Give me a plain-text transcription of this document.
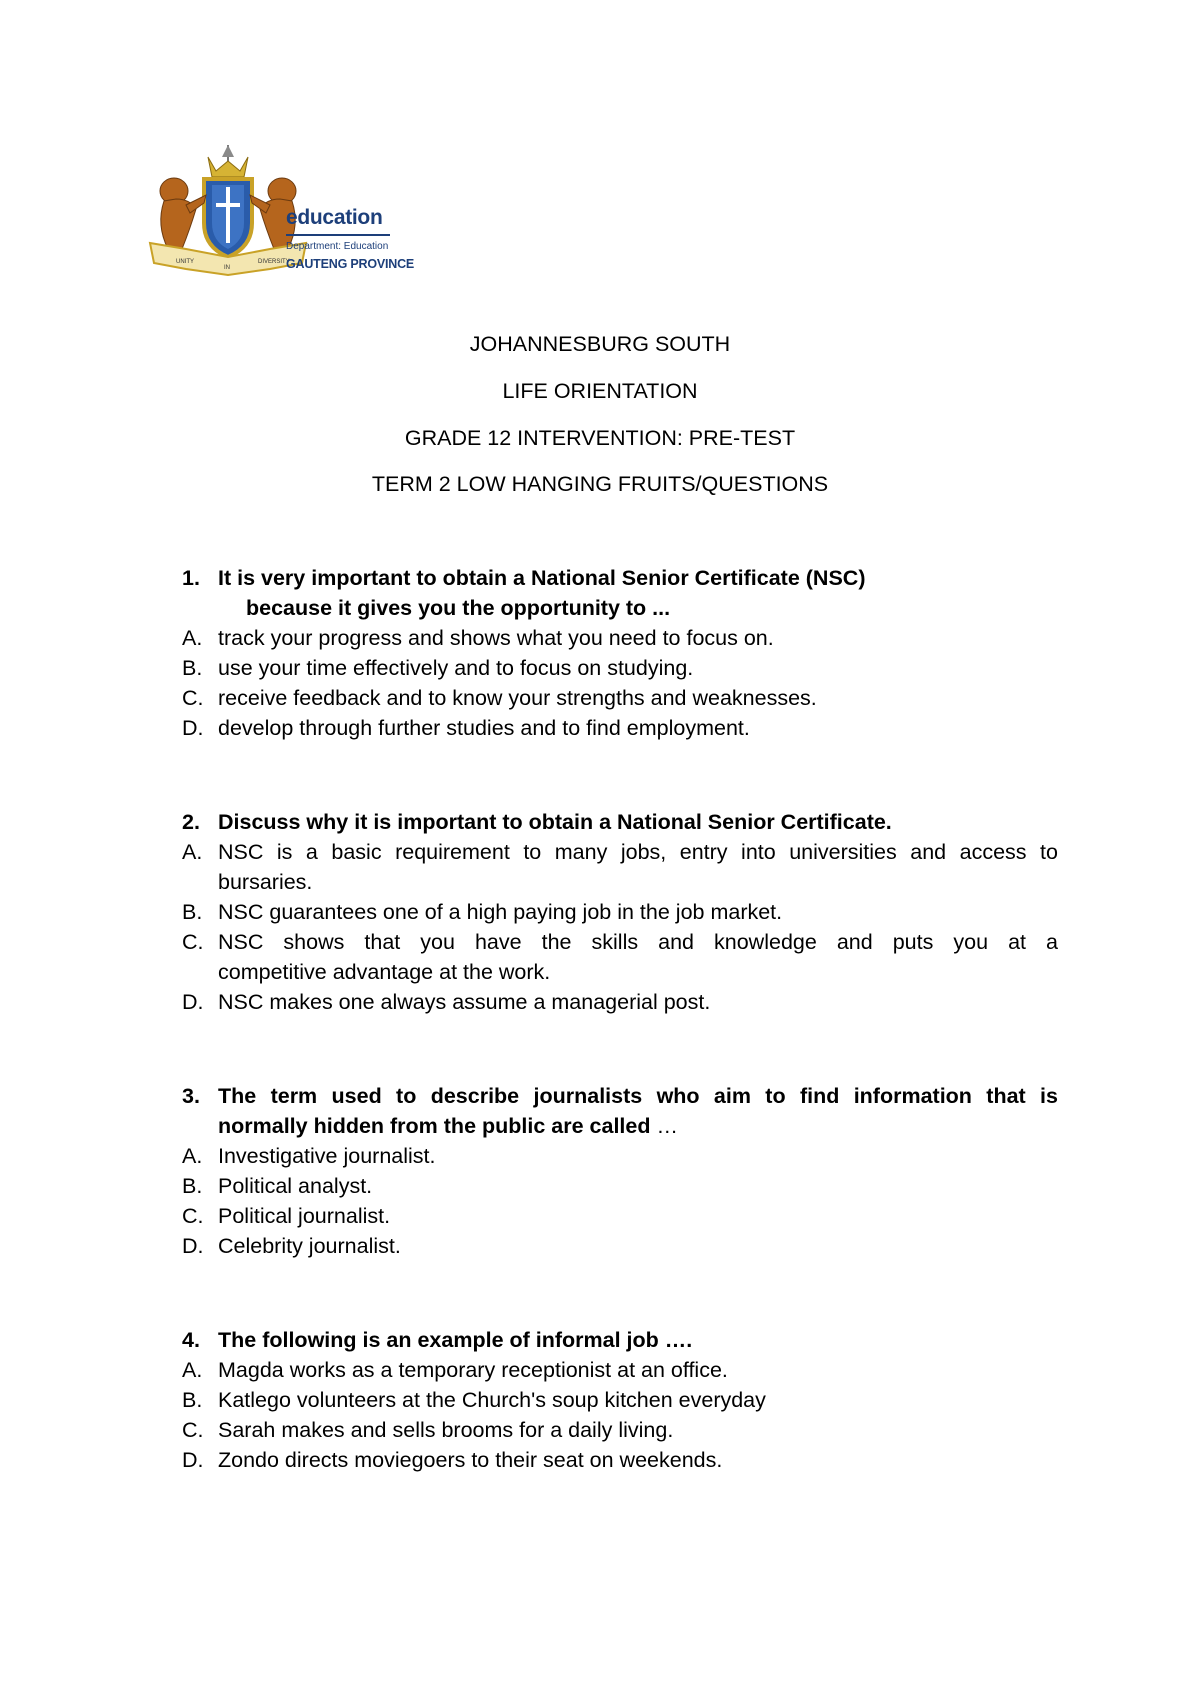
UNITY
IN
DIVERSITY
education
Department: Education
GAUTENG PROVINCE
JOHANNESBURG SOUTH
LIFE ORIENTATION
GRADE 12 INTERVENTION: PRE-TEST
TERM 2 LOW HANGING FRUITS/QUESTIONS
1. It is very important to obtain a National Senior Certificate (NSC)
because it gives you the opportunity to ...
A. track your progress and shows what you need to focus on.
B. use your time effectively and to focus on studying.
C. receive feedback and to know your strengths and weaknesses.
D. develop through further studies and to find employment.
2. Discuss why it is important to obtain a National Senior Certificate.
A. NSC is a basic requirement to many jobs, entry into universities and access to
bursaries.
B. NSC guarantees one of a high paying job in the job market.
C. NSC shows that you have the skills and knowledge and puts you at a
competitive advantage at the work.
D. NSC makes one always assume a managerial post.
3. The term used to describe journalists who aim to find information that is
normally hidden from the public are called …
A. Investigative journalist.
B. Political analyst.
C. Political journalist.
D. Celebrity journalist.
4. The following is an example of informal job ….
A. Magda works as a temporary receptionist at an office.
B. Katlego volunteers at the Church's soup kitchen everyday
C. Sarah makes and sells brooms for a daily living.
D. Zondo directs moviegoers to their seat on weekends.
